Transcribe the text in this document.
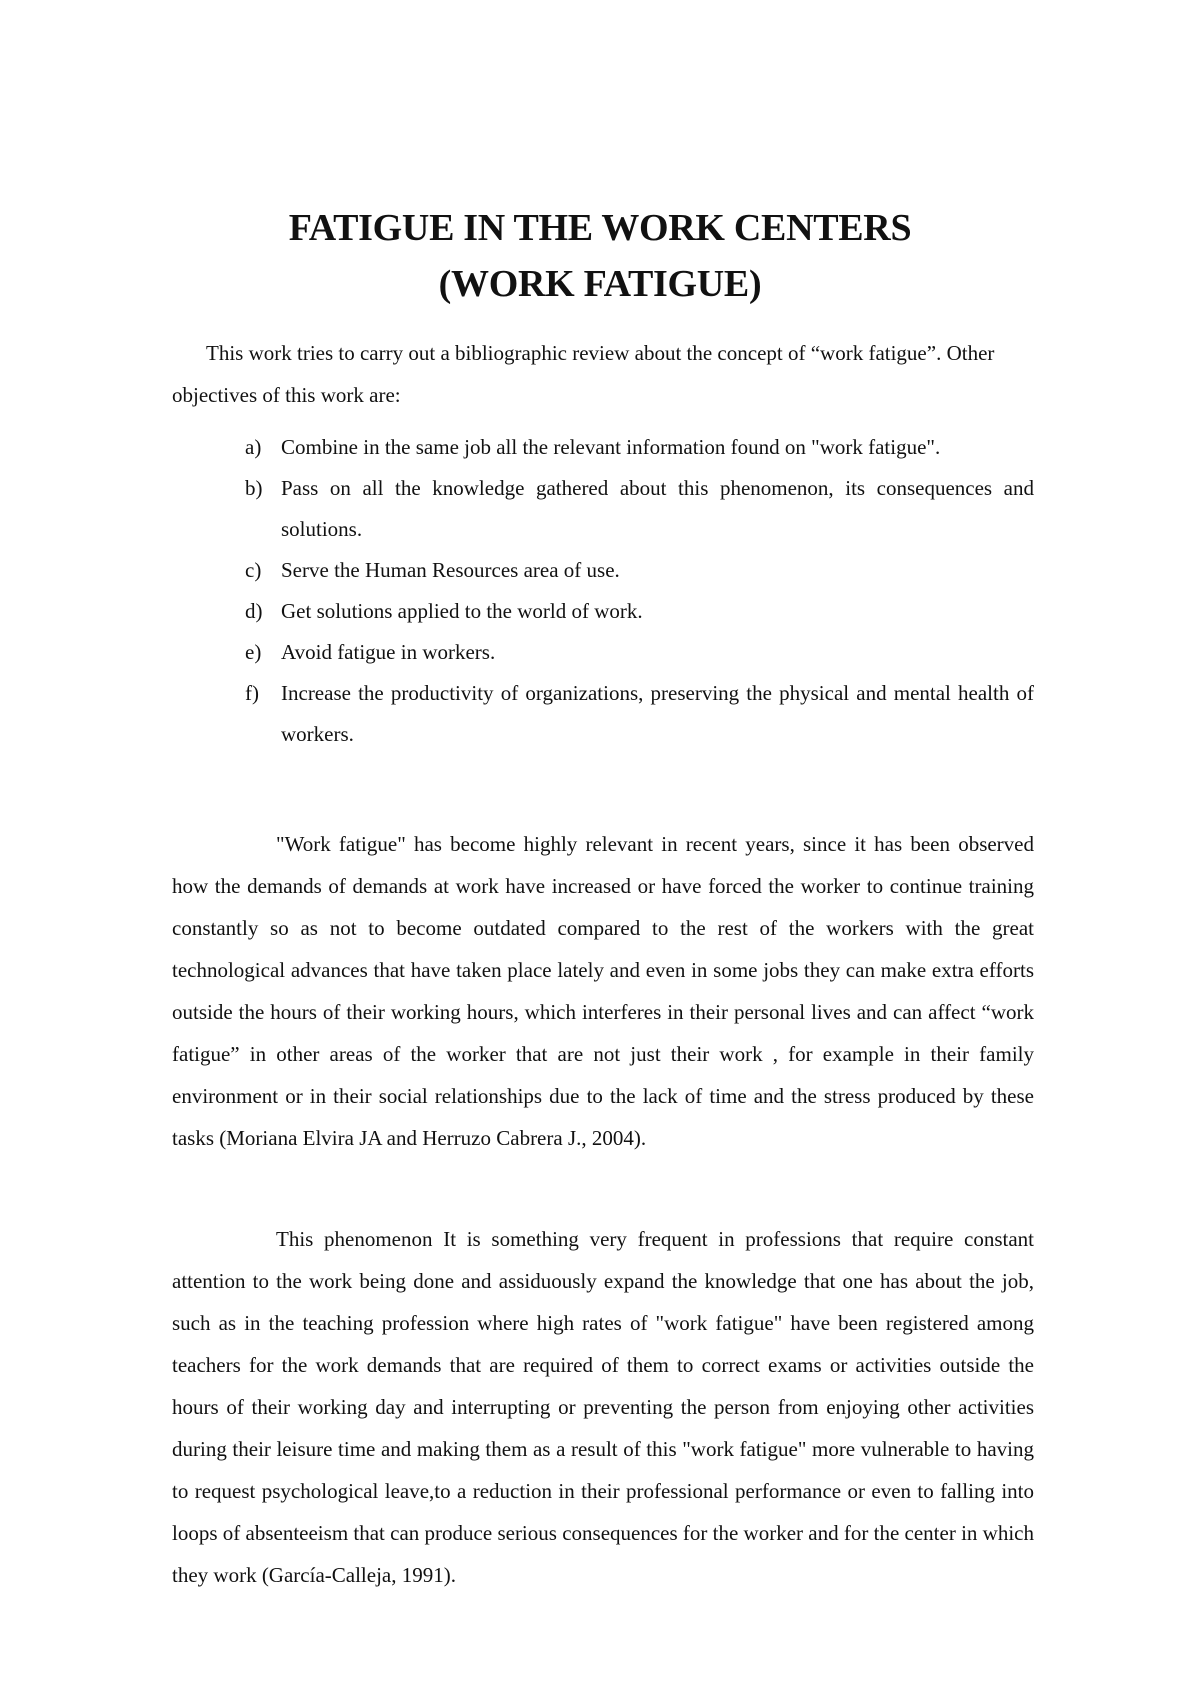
FATIGUE IN THE WORK CENTERS
(WORK FATIGUE)

This work tries to carry out a bibliographic review about the concept of “work fatigue”. Other objectives of this work are:

a) Combine in the same job all the relevant information found on "work fatigue".
b) Pass on all the knowledge gathered about this phenomenon, its consequences and solutions.
c) Serve the Human Resources area of use.
d) Get solutions applied to the world of work.
e) Avoid fatigue in workers.
f) Increase the productivity of organizations, preserving the physical and mental health of workers.

"Work fatigue" has become highly relevant in recent years, since it has been observed how the demands of demands at work have increased or have forced the worker to continue training constantly so as not to become outdated compared to the rest of the workers with the great technological advances that have taken place lately and even in some jobs they can make extra efforts outside the hours of their working hours, which interferes in their personal lives and can affect “work fatigue” in other areas of the worker that are not just their work , for example in their family environment or in their social relationships due to the lack of time and the stress produced by these tasks (Moriana Elvira JA and Herruzo Cabrera J., 2004).

This phenomenon It is something very frequent in professions that require constant attention to the work being done and assiduously expand the knowledge that one has about the job, such as in the teaching profession where high rates of "work fatigue" have been registered among teachers for the work demands that are required of them to correct exams or activities outside the hours of their working day and interrupting or preventing the person from enjoying other activities during their leisure time and making them as a result of this "work fatigue" more vulnerable to having to request psychological leave,to a reduction in their professional performance or even to falling into loops of absenteeism that can produce serious consequences for the worker and for the center in which they work (García-Calleja, 1991).
